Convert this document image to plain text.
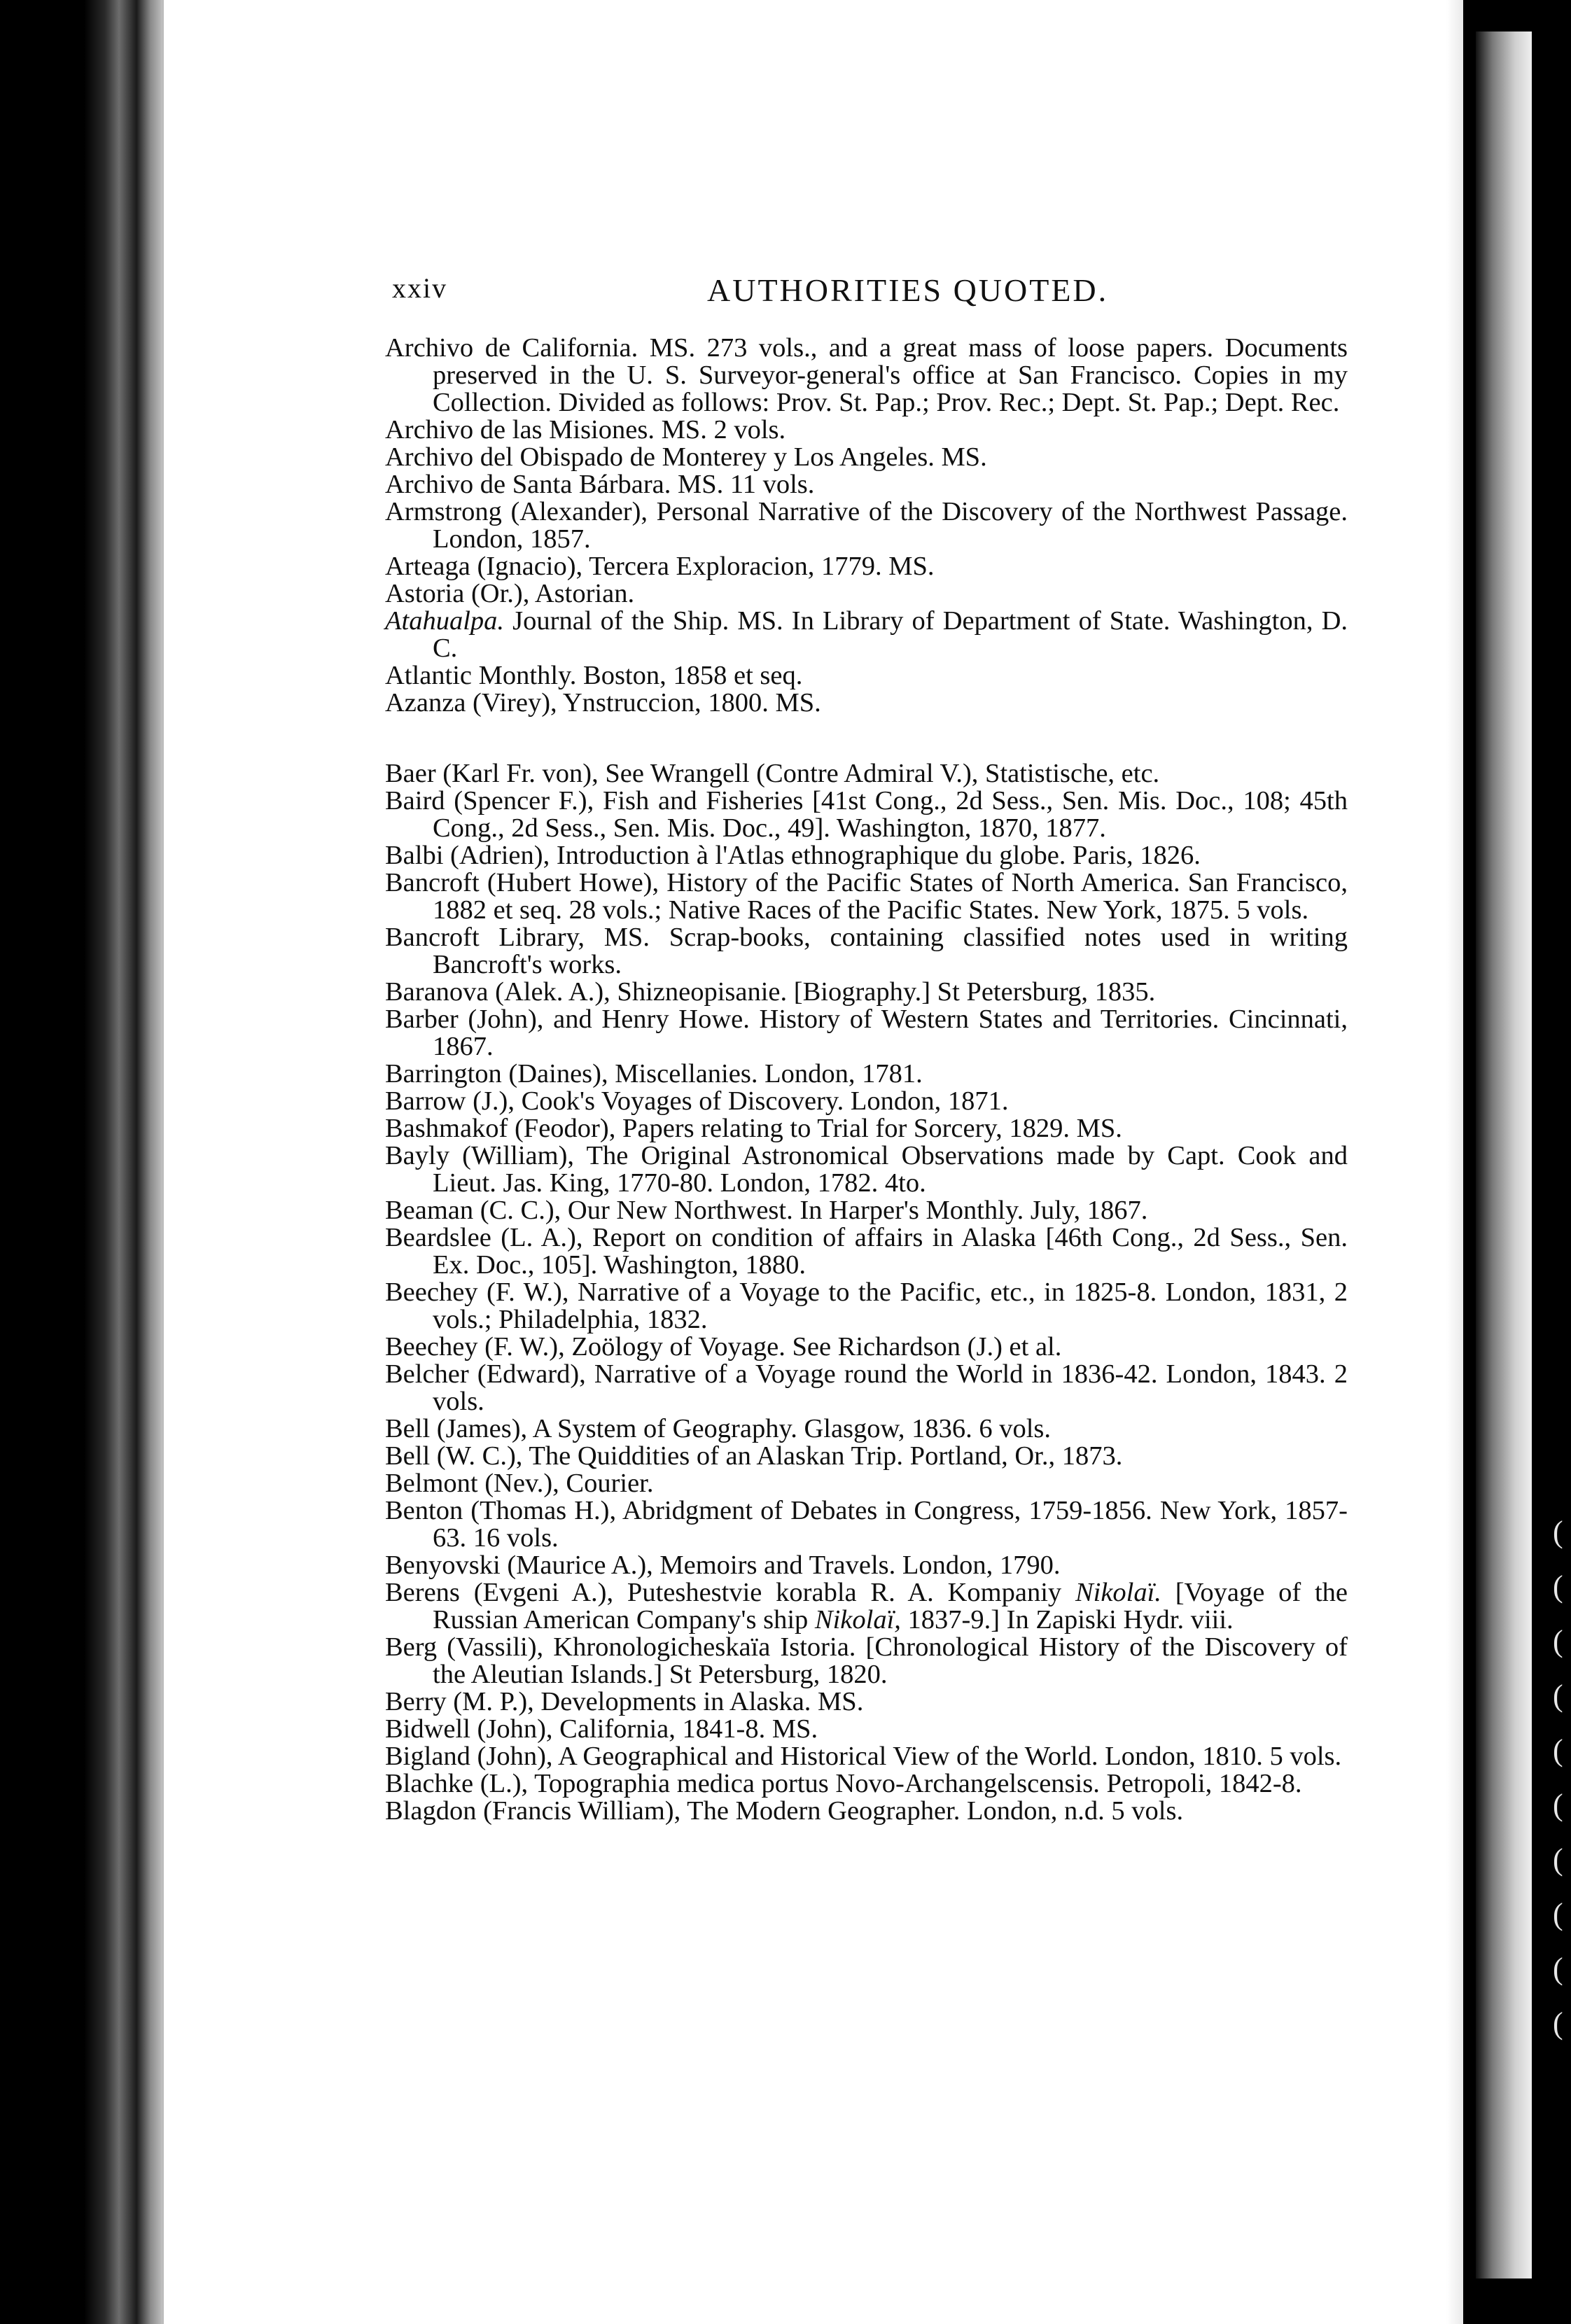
(
(
(
(
(
(
(
(
(
(
xxiv	AUTHORITIES QUOTED.

Archivo de California. MS. 273 vols., and a great mass of loose papers. Documents preserved in the U. S. Surveyor-general's office at San Francisco. Copies in my Collection. Divided as follows: Prov. St. Pap.; Prov. Rec.; Dept. St. Pap.; Dept. Rec.

Archivo de las Misiones. MS. 2 vols.

Archivo del Obispado de Monterey y Los Angeles. MS.

Archivo de Santa Bárbara. MS. 11 vols.

Armstrong (Alexander), Personal Narrative of the Discovery of the Northwest Passage. London, 1857.

Arteaga (Ignacio), Tercera Exploracion, 1779. MS.

Astoria (Or.), Astorian.

Atahualpa. Journal of the Ship. MS. In Library of Department of State. Washington, D. C.

Atlantic Monthly. Boston, 1858 et seq.

Azanza (Virey), Ynstruccion, 1800. MS.

Baer (Karl Fr. von), See Wrangell (Contre Admiral V.), Statistische, etc.

Baird (Spencer F.), Fish and Fisheries [41st Cong., 2d Sess., Sen. Mis. Doc., 108; 45th Cong., 2d Sess., Sen. Mis. Doc., 49]. Washington, 1870, 1877.

Balbi (Adrien), Introduction à l'Atlas ethnographique du globe. Paris, 1826.

Bancroft (Hubert Howe), History of the Pacific States of North America. San Francisco, 1882 et seq. 28 vols.; Native Races of the Pacific States. New York, 1875. 5 vols.

Bancroft Library, MS. Scrap-books, containing classified notes used in writing Bancroft's works.

Baranova (Alek. A.), Shizneopisanie. [Biography.] St Petersburg, 1835.

Barber (John), and Henry Howe. History of Western States and Territories. Cincinnati, 1867.

Barrington (Daines), Miscellanies. London, 1781.

Barrow (J.), Cook's Voyages of Discovery. London, 1871.

Bashmakof (Feodor), Papers relating to Trial for Sorcery, 1829. MS.

Bayly (William), The Original Astronomical Observations made by Capt. Cook and Lieut. Jas. King, 1770-80. London, 1782. 4to.

Beaman (C. C.), Our New Northwest. In Harper's Monthly. July, 1867.

Beardslee (L. A.), Report on condition of affairs in Alaska [46th Cong., 2d Sess., Sen. Ex. Doc., 105]. Washington, 1880.

Beechey (F. W.), Narrative of a Voyage to the Pacific, etc., in 1825-8. London, 1831, 2 vols.; Philadelphia, 1832.

Beechey (F. W.), Zoölogy of Voyage. See Richardson (J.) et al.

Belcher (Edward), Narrative of a Voyage round the World in 1836-42. London, 1843. 2 vols.

Bell (James), A System of Geography. Glasgow, 1836. 6 vols.

Bell (W. C.), The Quiddities of an Alaskan Trip. Portland, Or., 1873.

Belmont (Nev.), Courier.

Benton (Thomas H.), Abridgment of Debates in Congress, 1759-1856. New York, 1857-63. 16 vols.

Benyovski (Maurice A.), Memoirs and Travels. London, 1790.

Berens (Evgeni A.), Puteshestvie korabla R. A. Kompaniy Nikolaï. [Voyage of the Russian American Company's ship Nikolaï, 1837-9.] In Zapiski Hydr. viii.

Berg (Vassili), Khronologicheskaïa Istoria. [Chronological History of the Discovery of the Aleutian Islands.] St Petersburg, 1820.

Berry (M. P.), Developments in Alaska. MS.

Bidwell (John), California, 1841-8. MS.

Bigland (John), A Geographical and Historical View of the World. London, 1810. 5 vols.

Blachke (L.), Topographia medica portus Novo-Archangelscensis. Petropoli, 1842-8.

Blagdon (Francis William), The Modern Geographer. London, n.d. 5 vols.
